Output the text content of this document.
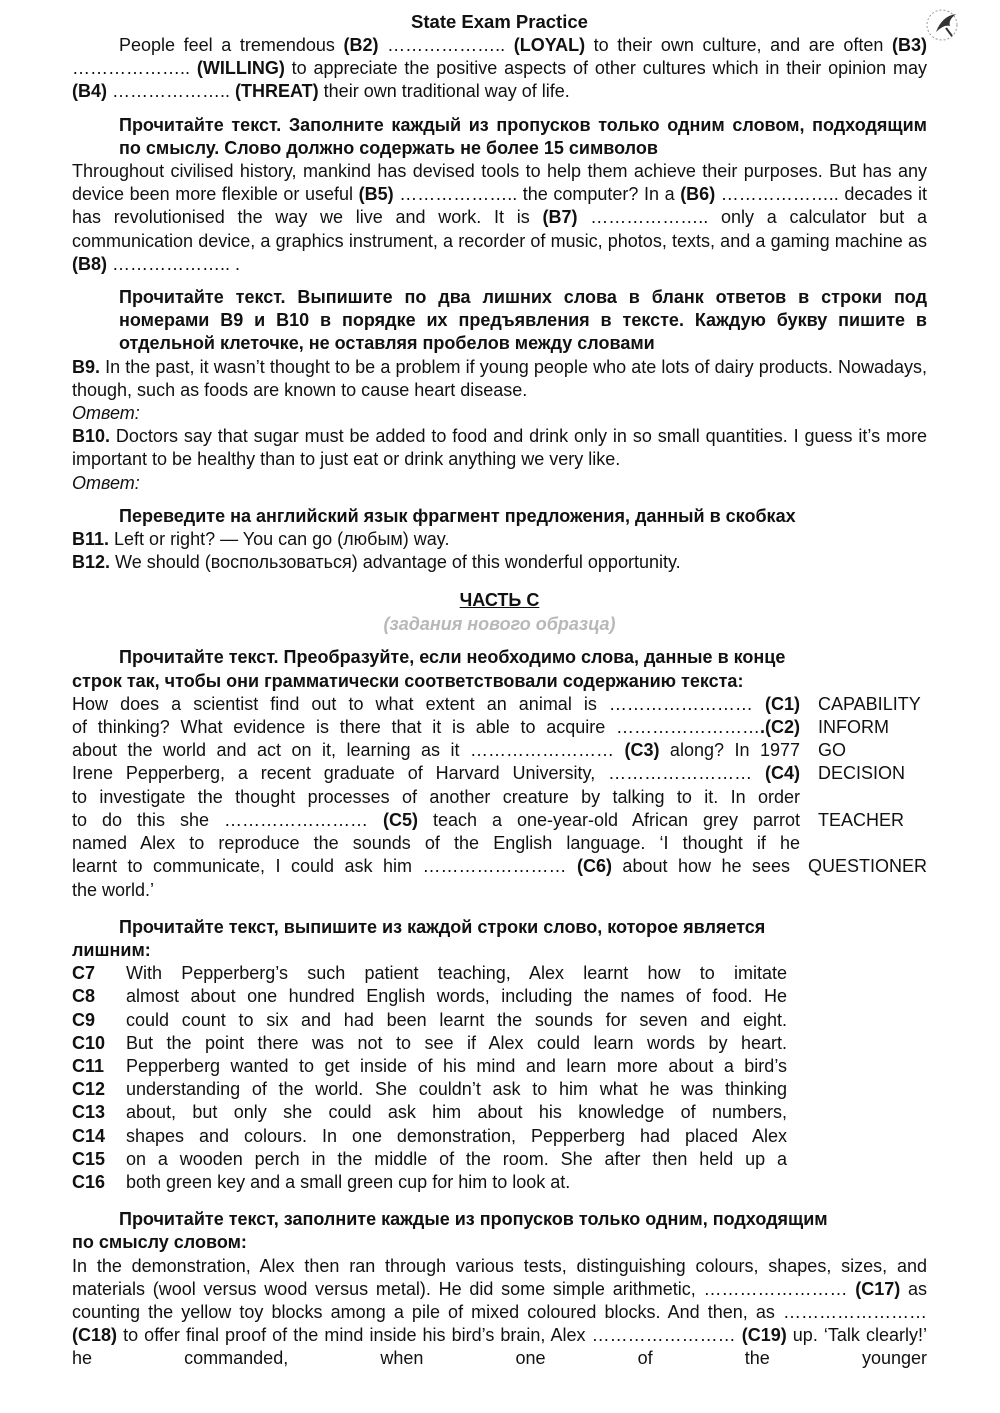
State Exam Practice

People feel a tremendous (B2) ……………….. (LOYAL) to their own culture, and are often (B3) ……………….. (WILLING) to appreciate the positive aspects of other cultures which in their opinion may (B4) ……………….. (THREAT) their own traditional way of life.

Прочитайте текст. Заполните каждый из пропусков только одним словом, подходящим по смыслу. Слово должно содержать не более 15 символов

Throughout civilised history, mankind has devised tools to help them achieve their purposes. But has any device been more flexible or useful (B5) ……………….. the computer? In a (B6) ……………….. decades it has revolutionised the way we live and work. It is (B7) ……………….. only a calculator but a communication device, a graphics instrument, a recorder of music, photos, texts, and a gaming machine as (B8) ……………….. .

Прочитайте текст. Выпишите по два лишних слова в бланк ответов в строки под номерами B9 и B10 в порядке их предъявления в тексте. Каждую букву пишите в отдельной клеточке, не оставляя пробелов между словами

B9. In the past, it wasn’t thought to be a problem if young people who ate lots of dairy products. Nowadays, though, such as foods are known to cause heart disease.

Ответ:

B10. Doctors say that sugar must be added to food and drink only in so small quantities. I guess it’s more important to be healthy than to just eat or drink anything we very like.

Ответ:
Переведите на английский язык фрагмент предложения, данный в скобках

B11. Left or right? — You can go (любым) way.

B12. We should (воспользоваться) advantage of this wonderful opportunity.

ЧАСТЬ С
(задания нового образца)
Прочитайте текст. Преобразуйте, если необходимо слова, данные в конце
строк так, чтобы они грамматически соответствовали содержанию текста:
How does a scientist find out to what extent an animal is …………………… (C1) CAPABILITY
of thinking? What evidence is there that it is able to acquire …………………….(C2) INFORM
about the world and act on it, learning as it …………………… (C3) along? In 1977 GO
Irene Pepperberg, a recent graduate of Harvard University, …………………… (C4) DECISION
to investigate the thought processes of another creature by talking to it. In order
to do this she …………………… (C5) teach a one-year-old African grey parrot TEACHER
named Alex to reproduce the sounds of the English language. ‘I thought if he
learnt to communicate, I could ask him …………………… (C6) about how he sees QUESTIONER
the world.’
Прочитайте текст, выпишите из каждой строки слово, которое является
лишним:
C7	With Pepperberg’s such patient teaching, Alex learnt how to imitate
C8	almost about one hundred English words, including the names of food. He
C9	could count to six and had been learnt the sounds for seven and eight.
C10	But the point there was not to see if Alex could learn words by heart.
C11	Pepperberg wanted to get inside of his mind and learn more about a bird’s
C12	understanding of the world. She couldn’t ask to him what he was thinking
C13	about, but only she could ask him about his knowledge of numbers,
C14	shapes and colours. In one demonstration, Pepperberg had placed Alex
C15	on a wooden perch in the middle of the room. She after then held up a
C16	both green key and a small green cup for him to look at.
Прочитайте текст, заполните каждые из пропусков только одним, подходящим
по смыслу словом:

In the demonstration, Alex then ran through various tests, distinguishing colours, shapes, sizes, and materials (wool versus wood versus metal). He did some simple arithmetic, …………………… (C17) as counting the yellow toy blocks among a pile of mixed coloured blocks. And then, as …………………… (C18) to offer final proof of the mind inside his bird’s brain, Alex …………………… (C19) up. ‘Talk clearly!’ he commanded, when one of the younger
